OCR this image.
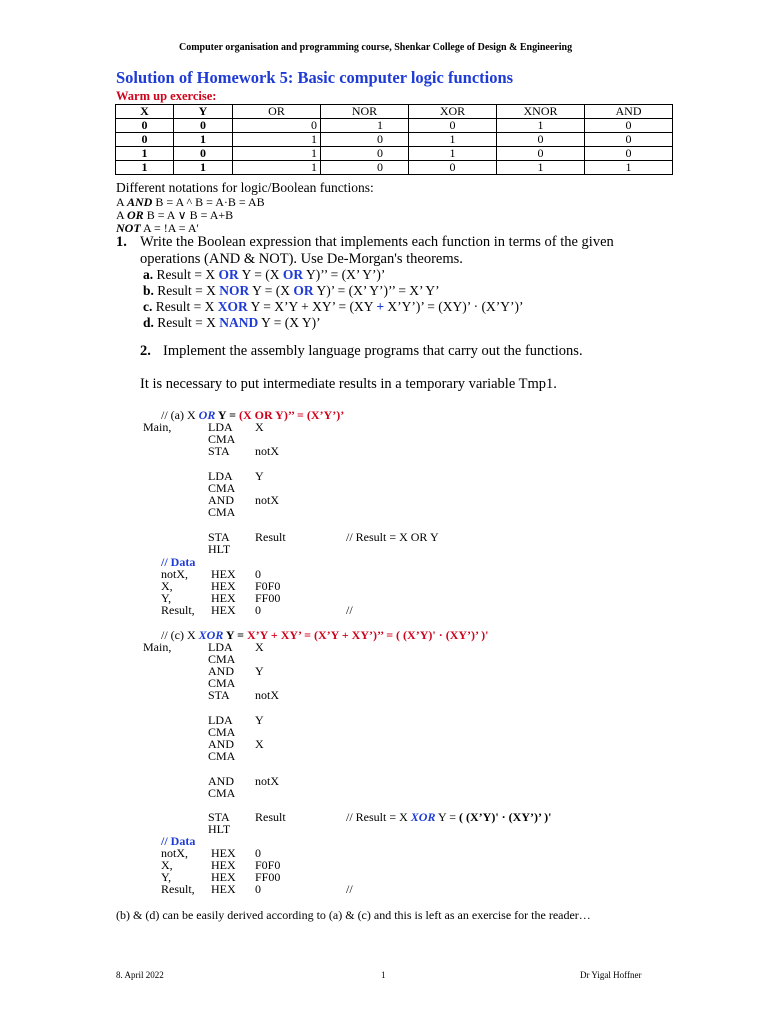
Computer organisation and programming course, Shenkar College of Design & Engineering
Solution of Homework 5: Basic computer logic functions
Warm up exercise:
X	Y	OR	NOR	XOR	XNOR	AND
0	0	0	1	0	1	0
0	1	1	0	1	0	0
1	0	1	0	1	0	0
1	1	1	0	0	1	1
Different notations for logic/Boolean functions:
A AND B = A ^ B = A·B = AB
A OR B = A ∨ B = A+B
NOT A = !A = A'
1. Write the Boolean expression that implements each function in terms of the given
operations (AND & NOT). Use De-Morgan's theorems.
a. Result = X OR Y = (X OR Y)’’ = (X’ Y’)’
b. Result = X NOR Y = (X OR Y)’ = (X’ Y’)’’ = X’ Y’
c. Result = X XOR Y = X’Y + XY’ = (XY + X’Y’)’ = (XY)’ · (X’Y’)’
d. Result = X NAND Y = (X Y)’
2. Implement the assembly language programs that carry out the functions.
It is necessary to put intermediate results in a temporary variable Tmp1.
// (a) X OR Y = (X OR Y)’’ = (X’Y’)’
Main,	LDA X
CMA
STA notX
LDA Y
CMA
AND notX
CMA
STA Result	// Result = X OR Y
HLT
// Data
notX, HEX 0
X,	HEX F0F0
Y,	HEX FF00
Result, HEX 0	//
// (c) X XOR Y = X’Y + XY’ = (X’Y + XY’)’’ = ( (X’Y)' · (XY’)’ )'
Main,	LDA X
CMA
AND Y
CMA
STA notX
LDA Y
CMA
AND X
CMA
AND notX
CMA
STA Result	// Result = X XOR Y = ( (X’Y)' · (XY’)’ )'
HLT
// Data
notX, HEX 0
X,	HEX F0F0
Y,	HEX FF00
Result, HEX 0	//
(b) & (d) can be easily derived according to (a) & (c) and this is left as an exercise for the reader…
8. April 2022	1	Dr Yigal Hoffner
